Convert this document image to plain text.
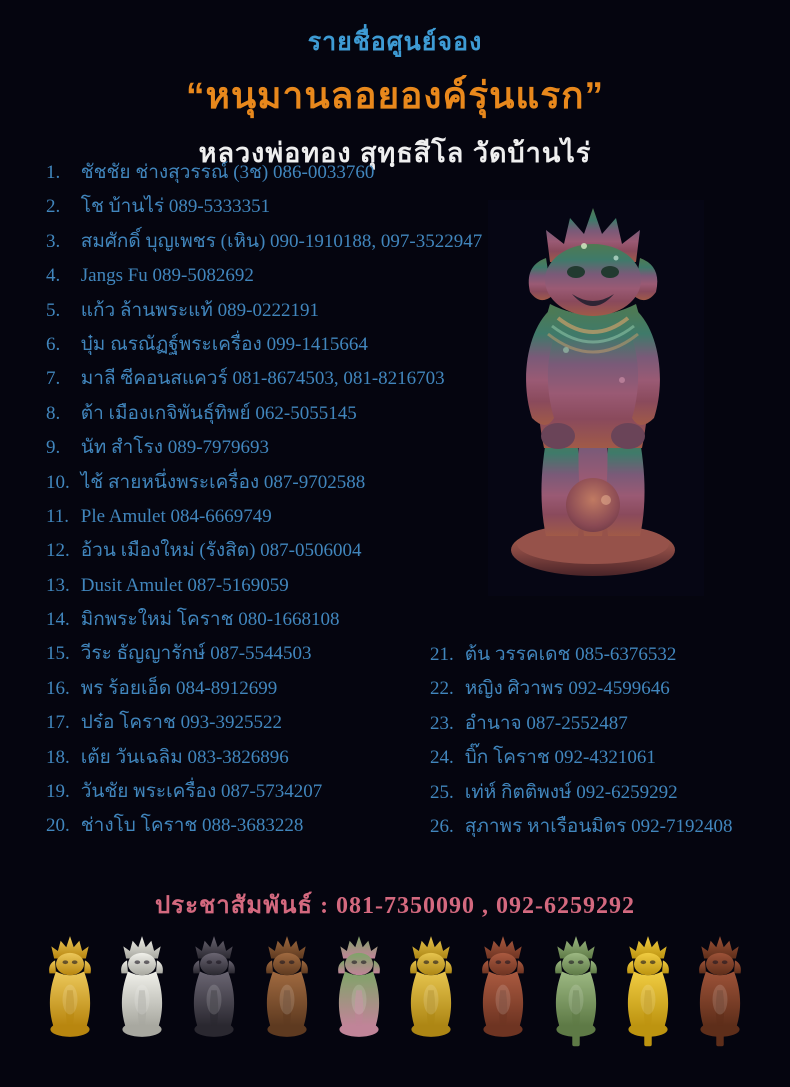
รายชื่อศูนย์จอง
“หนุมานลอยองค์รุ่นแรก”
หลวงพ่อทอง สุทฺธสีโล วัดบ้านไร่
1. ชัชชัย ช่างสุวรรณ์ (3ช) 086-0033760
2. โช บ้านไร่ 089-5333351
3. สมศักดิ์ บุญเพชร (เหิน) 090-1910188, 097-3522947
4. Jangs Fu 089-5082692
5. แก้ว ล้านพระแท้ 089-0222191
6. บุ๋ม ณรณัฏฐ์พระเครื่อง 099-1415664
7. มาลี ซีคอนสแควร์ 081-8674503, 081-8216703
8. ต้า เมืองเกจิพันธุ์ทิพย์ 062-5055145
9. นัท สำโรง 089-7979693
10. ไช้ สายหนึ่งพระเครื่อง 087-9702588
11. Ple Amulet 084-6669749
12. อ้วน เมืองใหม่ (รังสิต) 087-0506004
13. Dusit Amulet 087-5169059
14. มิกพระใหม่ โคราช 080-1668108
15. วีระ ธัญญารักษ์ 087-5544503
16. พร ร้อยเอ็ด 084-8912699
17. ปร๋อ โคราช 093-3925522
18. เต้ย วันเฉลิม 083-3826896
19. วันชัย พระเครื่อง 087-5734207
20. ช่างโบ โคราช 088-3683228
21. ต้น วรรคเดช 085-6376532
22. หญิง ศิวาพร 092-4599646
23. อำนาจ 087-2552487
24. บิ๊ก โคราช 092-4321061
25. เท่ห์ กิตติพงษ์ 092-6259292
26. สุภาพร หาเรือนมิตร 092-7192408
ประชาสัมพันธ์ : 081-7350090 , 092-6259292
